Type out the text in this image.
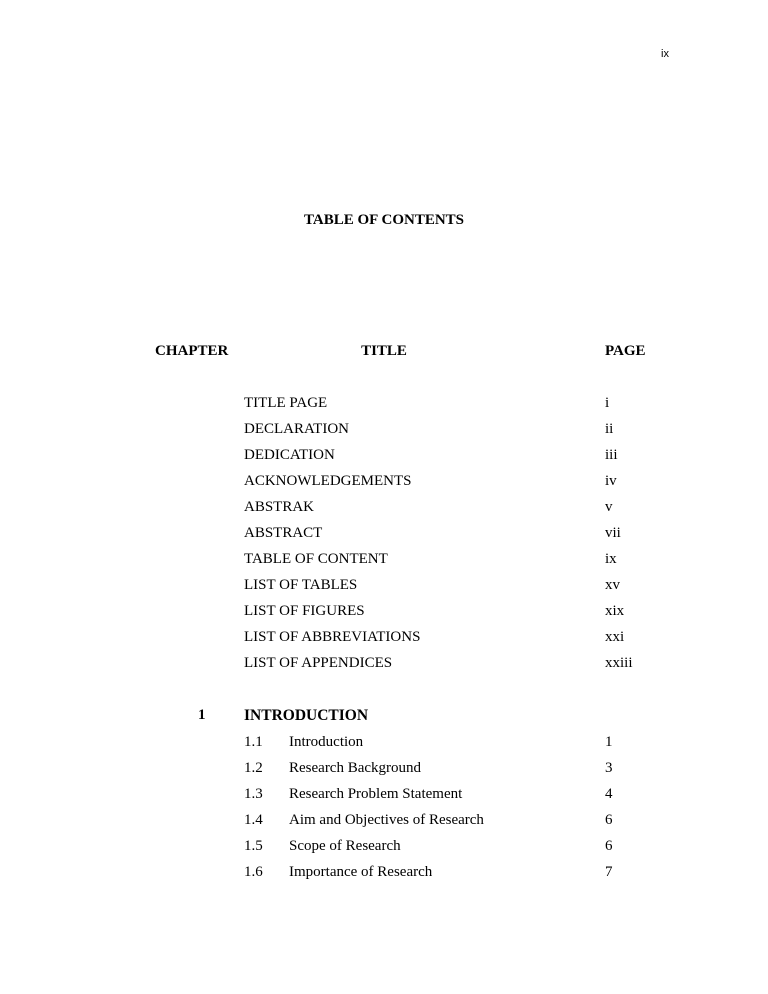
ix
TABLE OF CONTENTS
CHAPTER	TITLE	PAGE
TITLE PAGE	i
DECLARATION	ii
DEDICATION	iii
ACKNOWLEDGEMENTS	iv
ABSTRAK	v
ABSTRACT	vii
TABLE OF CONTENT	ix
LIST OF TABLES	xv
LIST OF FIGURES	xix
LIST OF ABBREVIATIONS	xxi
LIST OF APPENDICES	xxiii
1 INTRODUCTION
1.1 Introduction	1
1.2 Research Background	3
1.3 Research Problem Statement	4
1.4 Aim and Objectives of Research	6
1.5 Scope of Research	6
1.6 Importance of Research	7
